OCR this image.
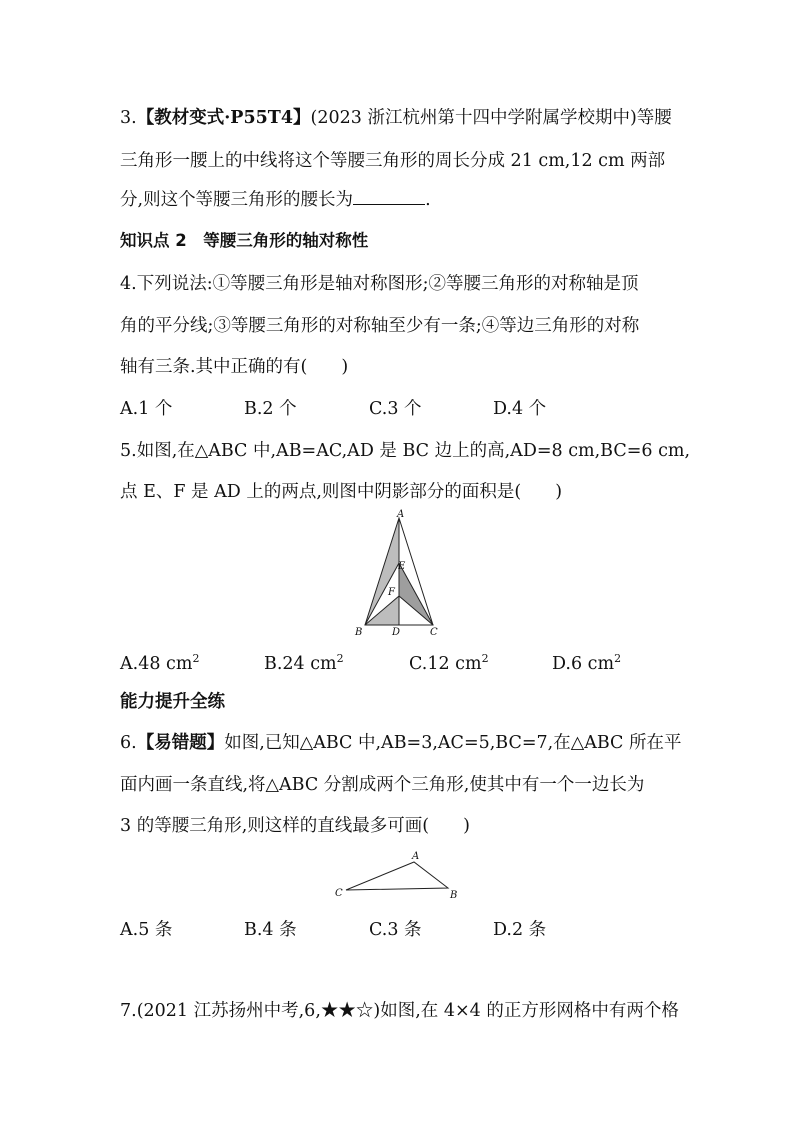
3.【教材变式·P55T4】(2023 浙江杭州第十四中学附属学校期中)等腰
三角形一腰上的中线将这个等腰三角形的周长分成 21 cm,12 cm 两部
分,则这个等腰三角形的腰长为	.
知识点 2　等腰三角形的轴对称性
4.下列说法:①等腰三角形是轴对称图形;②等腰三角形的对称轴是顶
角的平分线;③等腰三角形的对称轴至少有一条;④等边三角形的对称
轴有三条.其中正确的有( )
A.1 个	B.2 个	C.3 个	D.4 个
5.如图,在△ABC 中,AB=AC,AD 是 BC 边上的高,AD=8 cm,BC=6 cm,
点 E、F 是 AD 上的两点,则图中阴影部分的面积是( )
A
B	C
D
E
F
A.48 $cm^2$	B.24 $cm^2$	C.12 $cm^2$	D.6 $cm^2$
能力提升全练
6.【易错题】如图,已知△ABC 中,AB=3,AC=5,BC=7,在△ABC 所在平
面内画一条直线,将△ABC 分割成两个三角形,使其中有一个一边长为
3 的等腰三角形,则这样的直线最多可画( )
A
C	B
A.5 条	B.4 条	C.3 条	D.2 条
7.(2021 江苏扬州中考,6,★★☆)如图,在 4×4 的正方形网格中有两个格
